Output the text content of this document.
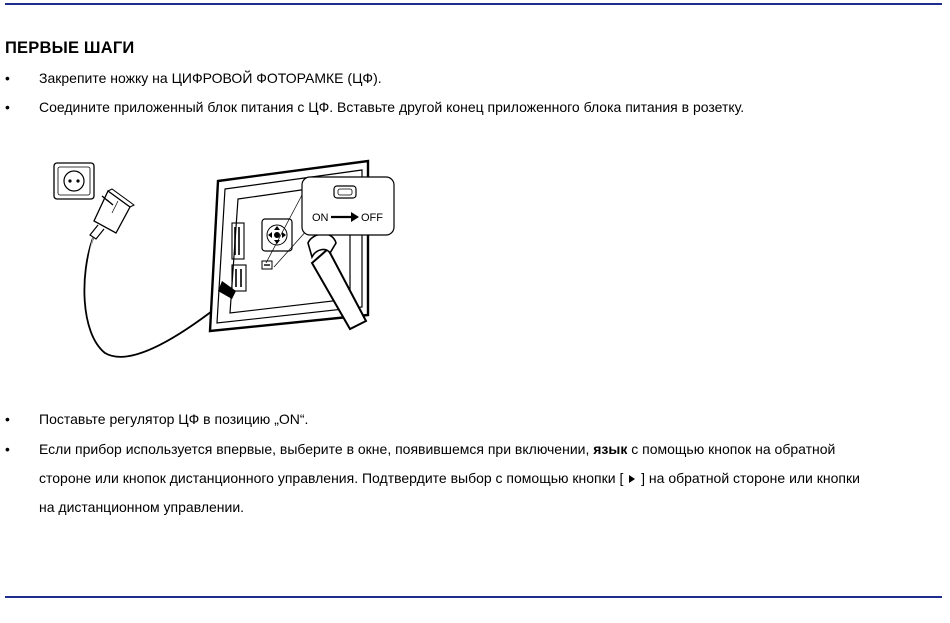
ПЕРВЫЕ ШАГИ
•	Закрепите ножку на ЦИФРОВОЙ ФОТОРАМКЕ (ЦФ).
•	Соедините приложенный блок питания с ЦФ. Вставьте другой конец приложенного блока питания в розетку.
ON	OFF
•	Поставьте регулятор ЦФ в позицию „ON“.
•	Если прибор используется впервые, выберите в окне, появившемся при включении, язык с помощью кнопок на обратной
стороне или кнопок дистанционного управления. Подтвердите выбор с помощью кнопки [ ] на обратной стороне или кнопки
на дистанционном управлении.
